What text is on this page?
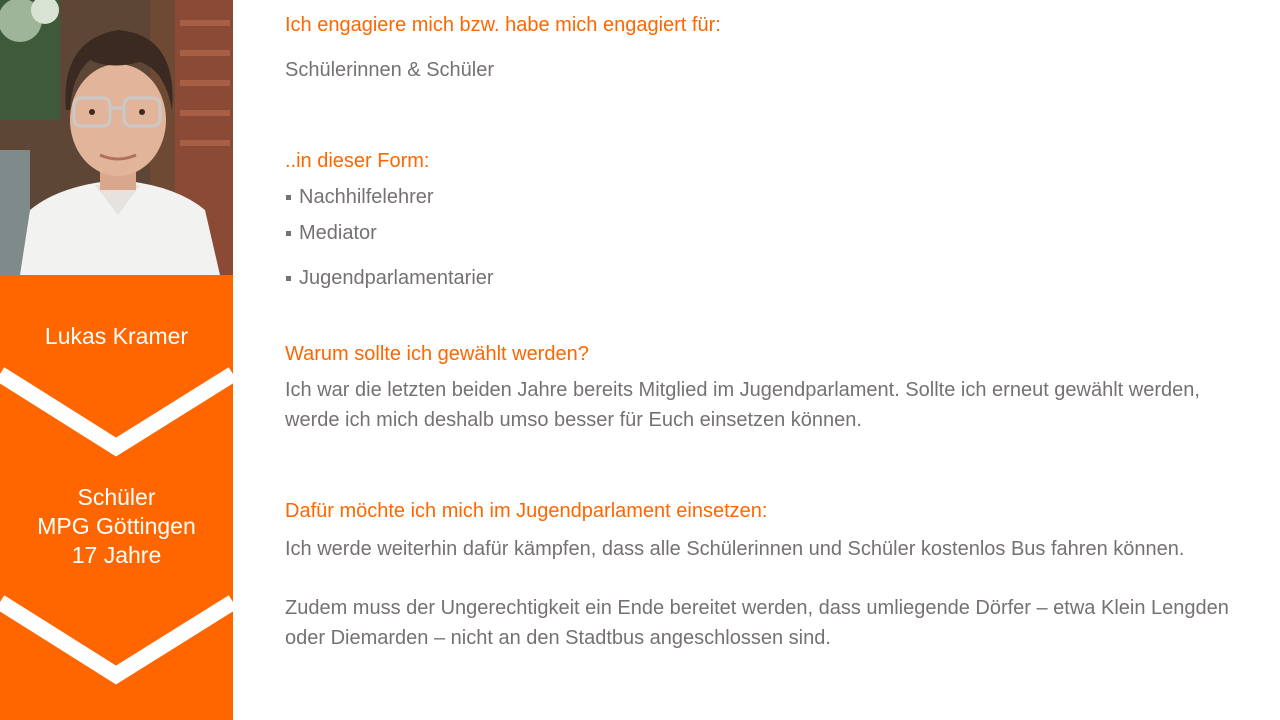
Lukas Kramer
Schüler
MPG Göttingen
17 Jahre
Ich engagiere mich bzw. habe mich engagiert für:
Schülerinnen & Schüler
..in dieser Form:
Nachhilfelehrer
Mediator
Jugendparlamentarier
Warum sollte ich gewählt werden?
Ich war die letzten beiden Jahre bereits Mitglied im Jugendparlament. Sollte ich erneut gewählt werden, werde ich mich deshalb umso besser für Euch einsetzen können.
Dafür möchte ich mich im Jugendparlament einsetzen:
Ich werde weiterhin dafür kämpfen, dass alle Schülerinnen und Schüler kostenlos Bus fahren können.
Zudem muss der Ungerechtigkeit ein Ende bereitet werden, dass umliegende Dörfer – etwa Klein Lengden oder Diemarden – nicht an den Stadtbus angeschlossen sind.
